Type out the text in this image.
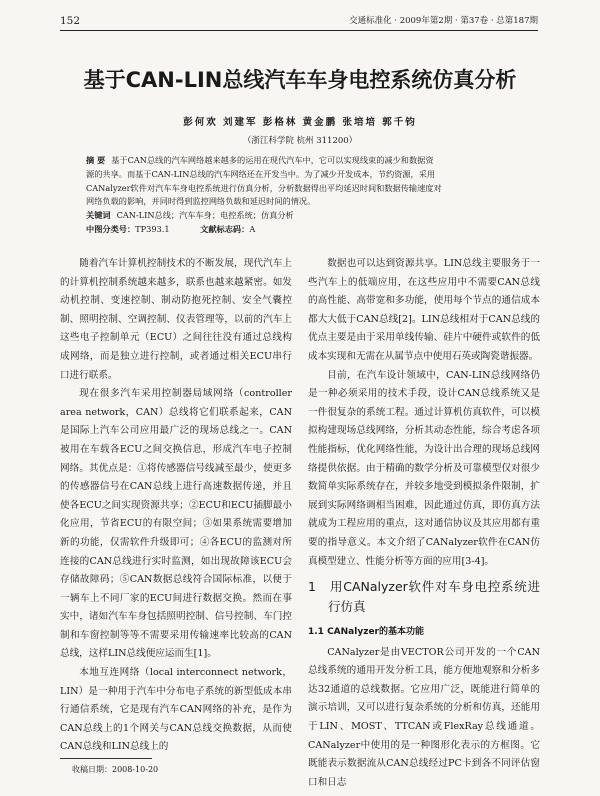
152	交通标准化 · 2009年第2期 · 第37卷 · 总第187期
基于CAN-LIN总线汽车车身电控系统仿真分析
彭何欢 刘建军 彭格林 黄金鹏 张培培 郭千钧
（浙江科学院 杭州 311200）
摘 要 基于CAN总线的汽车网络越来越多的运用在现代汽车中，它可以实现线束的减少和数据资
源的共享。而基于CAN-LIN总线的汽车网络还在开发当中。为了减少开发成本，节约资源，采用
CANalyzer软件对汽车车身电控系统进行仿真分析，分析数据得出平均延迟时间和数据传输速度对
网络负载的影响，并同时得到监控网络负载和延迟时间的情况。
关键词 CAN-LIN总线；汽车车身；电控系统；仿真分析
中图分类号：TP393.1	文献标志码：A

随着汽车计算机控制技术的不断发展，现代汽车上的计算机控制系统越来越多，联系也越来越紧密。如发动机控制、变速控制、制动防抱死控制、安全气囊控制、照明控制、空调控制、仪表管理等，以前的汽车上这些电子控制单元（ECU）之间往往没有通过总线构成网络，而是独立进行控制，或者通过相关ECU串行口进行联系。

现在很多汽车采用控制器局域网络（controller area network，CAN）总线将它们联系起来，CAN是国际上汽车公司应用最广泛的现场总线之一。CAN被用在车载各ECU之间交换信息，形成汽车电子控制网络。其优点是：①将传感器信号线减至最少，使更多的传感器信号在CAN总线上进行高速数据传递，并且使各ECU之间实现资源共享；②ECU和ECU插脚最小化应用，节省ECU的有限空间；③如果系统需要增加新的功能，仅需软件升级即可；④各ECU的监测对所连接的CAN总线进行实时监测，如出现故障该ECU会存储故障码；⑤CAN数据总线符合国际标准，以便于一辆车上不同厂家的ECU间进行数据交换。然而在事实中，诸如汽车车身包括照明控制、信号控制、车门控制和车窗控制等等不需要采用传输速率比较高的CAN总线，这样LIN总线便应运而生[1]。

本地互连网络（local interconnect network，LIN）是一种用于汽车中分布电子系统的新型低成本串行通信系统，它是现有汽车CAN网络的补充，是作为CAN总线上的1个网关与CAN总线交换数据，从而使CAN总线和LIN总线上的

数据也可以达到资源共享。LIN总线主要服务于一些汽车上的低端应用，在这些应用中不需要CAN总线的高性能、高带宽和多功能，使用每个节点的通信成本都大大低于CAN总线[2]。LIN总线相对于CAN总线的优点主要是由于采用单线传输、硅片中硬件或软件的低成本实现和无需在从属节点中使用石英或陶瓷谐振器。

目前，在汽车设计领域中，CAN-LIN总线网络仍是一种必须采用的技术手段，设计CAN总线系统又是一件很复杂的系统工程。通过计算机仿真软件，可以模拟构建现场总线网络，分析其动态性能，综合考虑各项性能指标，优化网络性能，为设计出合理的现场总线网络提供依据。由于精确的数学分析及可靠模型仅对很少数简单实际系统存在，并较多地受到模拟条件限制，扩展到实际网络调相当困难，因此通过仿真，即仿真方法就成为工程应用的重点，这对通信协议及其应用都有重要的指导意义。本文介绍了CANalyzer软件在CAN仿真模型建立、性能分析等方面的应用[3-4]。

1 用CANalyzer软件对车身电控系统进行仿真
1.1 CANalyzer的基本功能

CANalyzer是由VECTOR公司开发的一个CAN总线系统的通用开发分析工具，能方便地观察和分析多达32通道的总线数据。它应用广泛，既能进行简单的演示培训，又可以进行复杂系统的分析和仿真，还能用于LIN、MOST、TTCAN或FlexRay总线通道。CANalyzer中使用的是一种图形化表示的方框图。它既能表示数据流从CAN总线经过PC卡到各不同评估窗口和日志

收稿日期：2008-10-20
